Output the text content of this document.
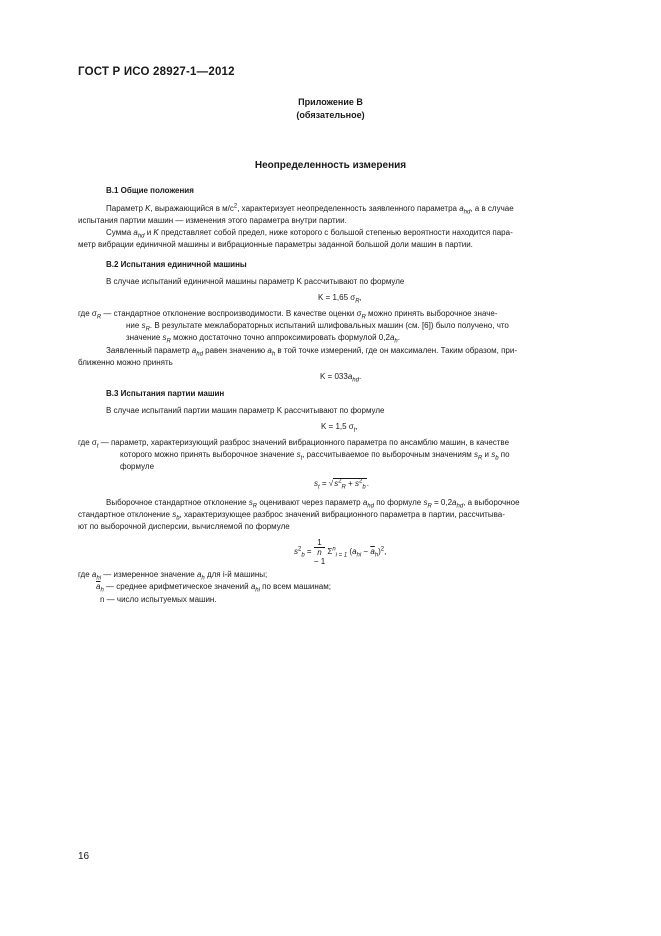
ГОСТ Р ИСО 28927-1—2012
Приложение В
(обязательное)
Неопределенность измерения
В.1 Общие положения
Параметр K, выражающийся в $м/с^2$, характеризует неопределенность заявленного параметра $a_{hd}$, а в случае
испытания партии машин — изменения этого параметра внутри партии.
Сумма $a_{hd}$ и K представляет собой предел, ниже которого с большой степенью вероятности находится пара-
метр вибрации единичной машины и вибрационные параметры заданной большой доли машин в партии.
В.2 Испытания единичной машины
В случае испытаний единичной машины параметр K рассчитывают по формуле
K = 1,65 $\sigma_R$,
где $\sigma_R$ — стандартное отклонение воспроизводимости. В качестве оценки $\sigma_R$ можно принять выборочное значе-
ние $s_R$. В результате межлабораторных испытаний шлифовальных машин (см. [6]) было получено, что
значение $s_R$ можно достаточно точно аппроксимировать формулой $0,2a_h$.
Заявленный параметр $a_{hd}$ равен значению $a_h$ в той точке измерений, где он максимален. Таким образом, при-
ближенно можно принять
$K = 033a_{hd}$.
В.3 Испытания партии машин
В случае испытаний партии машин параметр K рассчитывают по формуле
K = 1,5 $\sigma_t$,
где $\sigma_t$ — параметр, характеризующий разброс значений вибрационного параметра по ансамблю машин, в качестве
которого можно принять выборочное значение $s_t$, рассчитываемое по выборочным значениям $s_R$ и $s_b$ по
формуле
$s_t = √s^2_R + s^2_b$.
Выборочное стандартное отклонение $s_R$ оценивают через параметр $a_{hd}$ по формуле $s_R = 0,2a_{hd}$, а выборочное
стандартное отклонение $s_b$, характеризующее разброс значений вибрационного параметра в партии, рассчитыва-
ют по выборочной дисперсии, вычисляемой по формуле
$s^2_b = 1$
n
− 1 $\Sigma^n_{i = 1}$ $(a_{hi} - \overline{a}_h)^2$,
где $a_{hi}$ — измеренное значение $a_h$ для i-й машины;
$\overline{a}_h$ — среднее арифметическое значений $a_{hi}$ по всем машинам;
n — число испытуемых машин.
16
